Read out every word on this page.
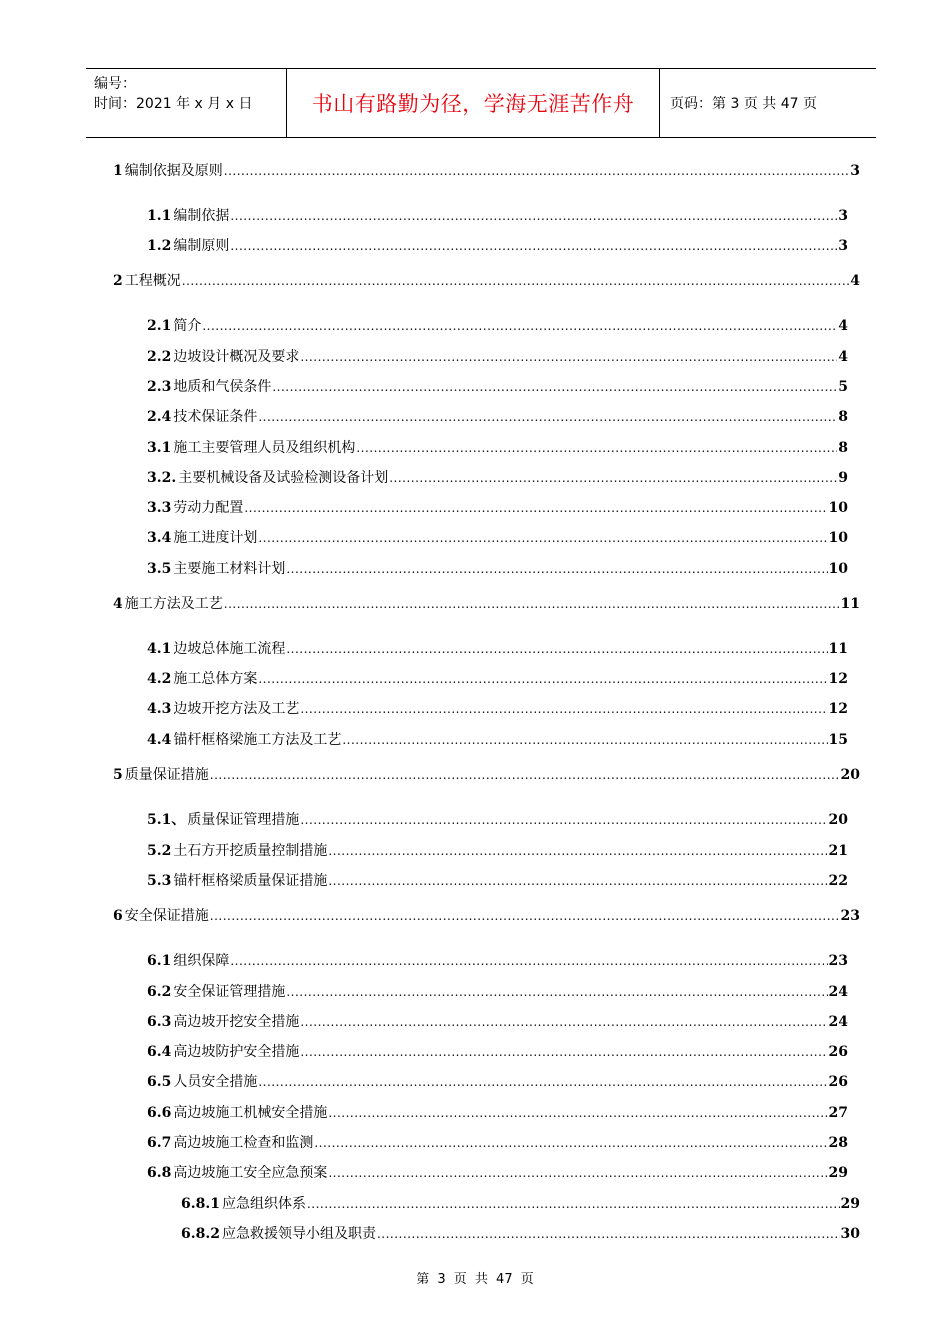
编号：
时间：2021 年 x 月 x 日	书山有路勤为径，学海无涯苦作舟	页码：第 3 页 共 47 页
1 编制依据及原则 .....	3
1.1 编制依据 .....	3
1.2 编制原则 .....	3
2 工程概况 .....	4
2.1 简介 .....	4
2.2 边坡设计概况及要求 .....	4
2.3 地质和气侯条件 .....	5
2.4 技术保证条件 .....	8
3.1 施工主要管理人员及组织机构 .....	8
3.2. 主要机械设备及试验检测设备计划 .....	9
3.3 劳动力配置 .....	10
3.4 施工进度计划 .....	10
3.5 主要施工材料计划 .....	10
4 施工方法及工艺 .....	11
4.1 边坡总体施工流程 .....	11
4.2 施工总体方案 .....	12
4.3 边坡开挖方法及工艺 .....	12
4.4 锚杆框格梁施工方法及工艺 .....	15
5 质量保证措施 .....	20
5.1、 质量保证管理措施 .....	20
5.2 土石方开挖质量控制措施 .....	21
5.3 锚杆框格梁质量保证措施 .....	22
6 安全保证措施 .....	23
6.1 组织保障 .....	23
6.2 安全保证管理措施 .....	24
6.3 高边坡开挖安全措施 .....	24
6.4 高边坡防护安全措施 .....	26
6.5 人员安全措施 .....	26
6.6 高边坡施工机械安全措施 .....	27
6.7 高边坡施工检查和监测 .....	28
6.8 高边坡施工安全应急预案 .....	29
6.8.1 应急组织体系 .....	29
6.8.2 应急救援领导小组及职责 .....	30
第 3 页 共 47 页
